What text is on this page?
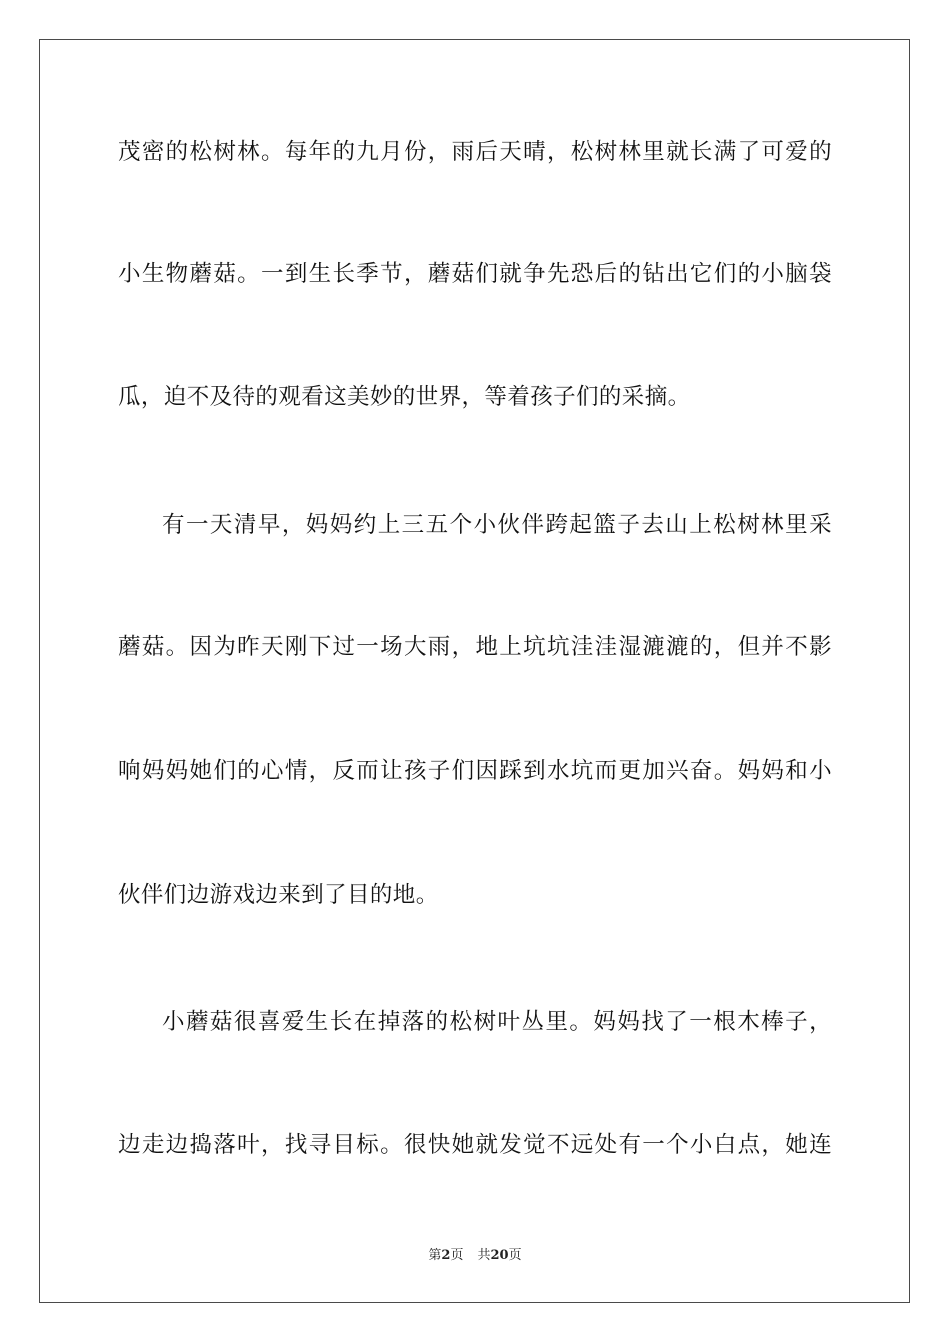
茂密的松树林。每年的九月份，雨后天晴，松树林里就长满了可爱的
小生物蘑菇。一到生长季节，蘑菇们就争先恐后的钻出它们的小脑袋
瓜，迫不及待的观看这美妙的世界，等着孩子们的采摘。
有一天清早，妈妈约上三五个小伙伴跨起篮子去山上松树林里采
蘑菇。因为昨天刚下过一场大雨，地上坑坑洼洼湿漉漉的，但并不影
响妈妈她们的心情，反而让孩子们因踩到水坑而更加兴奋。妈妈和小
伙伴们边游戏边来到了目的地。
小蘑菇很喜爱生长在掉落的松树叶丛里。妈妈找了一根木棒子，
边走边捣落叶，找寻目标。很快她就发觉不远处有一个小白点，她连
第2页 共20页
